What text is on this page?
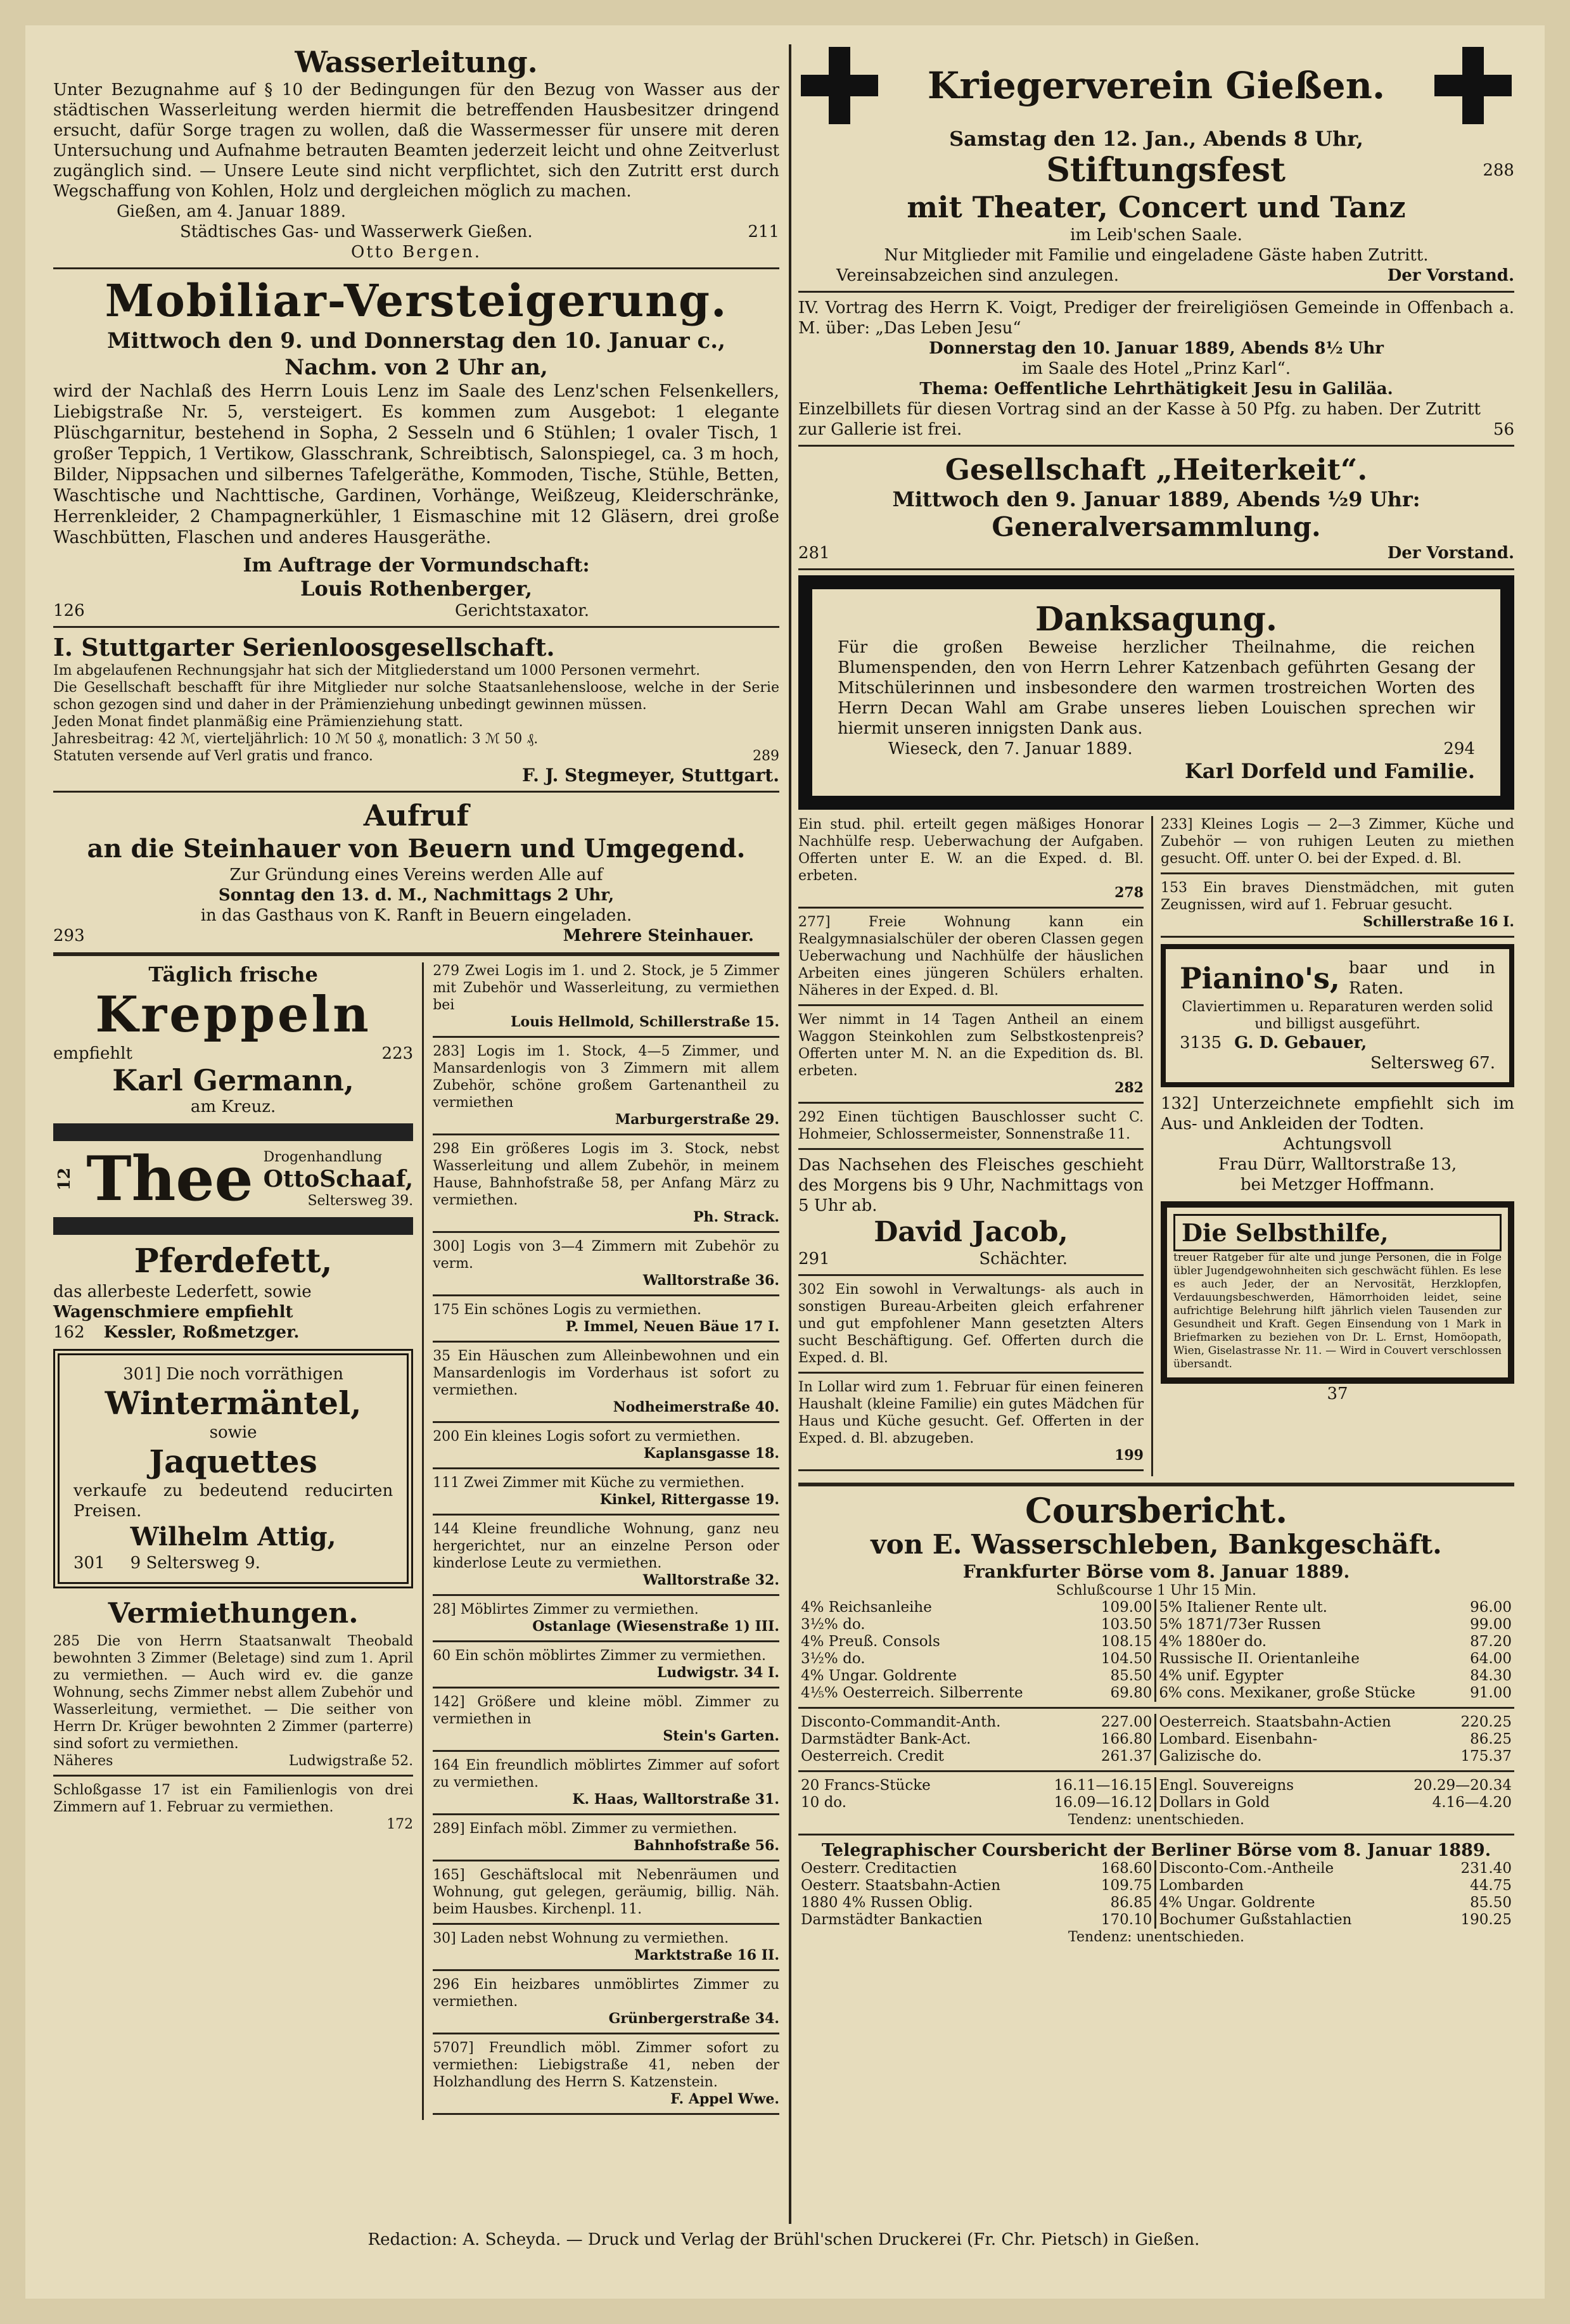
Wasserleitung.

Unter Bezugnahme auf § 10 der Bedingungen für den Bezug von Wasser aus der städtischen Wasserleitung werden hiermit die betreffenden Hausbesitzer dringend ersucht, dafür Sorge tragen zu wollen, daß die Wassermesser für unsere mit deren Untersuchung und Aufnahme betrauten Beamten jederzeit leicht und ohne Zeitverlust zugänglich sind. — Unsere Leute sind nicht verpflichtet, sich den Zutritt erst durch Wegschaffung von Kohlen, Holz und dergleichen möglich zu machen.

Gießen, am 4. Januar 1889.

Städtisches Gas- und Wasserwerk Gießen.	211

Otto Bergen.

Mobiliar-Versteigerung.

Mittwoch den 9. und Donnerstag den 10. Januar c.,

Nachm. von 2 Uhr an,

wird der Nachlaß des Herrn Louis Lenz im Saale des Lenz'schen Felsenkellers, Liebigstraße Nr. 5, versteigert. Es kommen zum Ausgebot: 1 elegante Plüschgarnitur, bestehend in Sopha, 2 Sesseln und 6 Stühlen; 1 ovaler Tisch, 1 großer Teppich, 1 Vertikow, Glasschrank, Schreibtisch, Salonspiegel, ca. 3 m hoch, Bilder, Nippsachen und silbernes Tafelgeräthe, Kommoden, Tische, Stühle, Betten, Waschtische und Nachttische, Gardinen, Vorhänge, Weißzeug, Kleiderschränke, Herrenkleider, 2 Champagnerkühler, 1 Eismaschine mit 12 Gläsern, drei große Waschbütten, Flaschen und anderes Hausgeräthe.

Im Auftrage der Vormundschaft:

Louis Rothenberger,

126	Gerichtstaxator.
I. Stuttgarter Serienloosgesellschaft.

Im abgelaufenen Rechnungsjahr hat sich der Mitgliederstand um 1000 Personen vermehrt.

Die Gesellschaft beschafft für ihre Mitglieder nur solche Staatsanlehensloose, welche in der Serie schon gezogen sind und daher in der Prämienziehung unbedingt gewinnen müssen.

Jeden Monat findet planmäßig eine Prämienziehung statt.

Jahresbeitrag: 42 ℳ, vierteljährlich: 10 ℳ 50 ₰, monatlich: 3 ℳ 50 ₰.

Statuten versende auf Verl gratis und franco.	289

F. J. Stegmeyer, Stuttgart.

Aufruf
an die Steinhauer von Beuern und Umgegend.

Zur Gründung eines Vereins werden Alle auf

Sonntag den 13. d. M., Nachmittags 2 Uhr,

in das Gasthaus von K. Ranft in Beuern eingeladen.

293	Mehrere Steinhauer.

Täglich frische

Kreppeln
empfiehlt	223

Karl Germann,

am Kreuz.

12 Thee Drogenhandlung

OttoSchaaf,

Seltersweg 39.

Pferdefett,

das allerbeste Lederfett, sowie

Wagenschmiere empfiehlt

162 Kessler, Roßmetzger.

301] Die noch vorräthigen

Wintermäntel,

sowie

Jaquettes

verkaufe zu bedeutend reducirten Preisen.

Wilhelm Attig,

301 9 Seltersweg 9.
Vermiethungen.

285 Die von Herrn Staatsanwalt Theobald bewohnten 3 Zimmer (Beletage) sind zum 1. April zu vermiethen. — Auch wird ev. die ganze Wohnung, sechs Zimmer nebst allem Zubehör und Wasserleitung, vermiethet. — Die seither von Herrn Dr. Krüger bewohnten 2 Zimmer (parterre) sind sofort zu vermiethen.

Näheres	Ludwigstraße 52.

Schloßgasse 17 ist ein Familienlogis von drei Zimmern auf 1. Februar zu vermiethen.

172

279 Zwei Logis im 1. und 2. Stock, je 5 Zimmer mit Zubehör und Wasserleitung, zu vermiethen bei

Louis Hellmold, Schillerstraße 15.

283] Logis im 1. Stock, 4—5 Zimmer, und Mansardenlogis von 3 Zimmern mit allem Zubehör, schöne großem Gartenantheil zu vermiethen

Marburgerstraße 29.

298 Ein größeres Logis im 3. Stock, nebst Wasserleitung und allem Zubehör, in meinem Hause, Bahnhofstraße 58, per Anfang März zu vermiethen.

Ph. Strack.

300] Logis von 3—4 Zimmern mit Zubehör zu verm.

Walltorstraße 36.

175 Ein schönes Logis zu vermiethen.

P. Immel, Neuen Bäue 17 I.

35 Ein Häuschen zum Alleinbewohnen und ein Mansardenlogis im Vorderhaus ist sofort zu vermiethen.

Nodheimerstraße 40.

200 Ein kleines Logis sofort zu vermiethen.

Kaplansgasse 18.

111 Zwei Zimmer mit Küche zu vermiethen.

Kinkel, Rittergasse 19.

144 Kleine freundliche Wohnung, ganz neu hergerichtet, nur an einzelne Person oder kinderlose Leute zu vermiethen.

Walltorstraße 32.

28] Möblirtes Zimmer zu vermiethen.

Ostanlage (Wiesenstraße 1) III.

60 Ein schön möblirtes Zimmer zu vermiethen.

Ludwigstr. 34 I.

142] Größere und kleine möbl. Zimmer zu vermiethen in

Stein's Garten.

164 Ein freundlich möblirtes Zimmer auf sofort zu vermiethen.

K. Haas, Walltorstraße 31.

289] Einfach möbl. Zimmer zu vermiethen.

Bahnhofstraße 56.

165] Geschäftslocal mit Nebenräumen und Wohnung, gut gelegen, geräumig, billig. Näh. beim Hausbes. Kirchenpl. 11.

30] Laden nebst Wohnung zu vermiethen.

Marktstraße 16 II.

296 Ein heizbares unmöblirtes Zimmer zu vermiethen.

Grünbergerstraße 34.

5707] Freundlich möbl. Zimmer sofort zu vermiethen: Liebigstraße 41, neben der Holzhandlung des Herrn S. Katzenstein.

F. Appel Wwe.

Kriegerverein Gießen.

Samstag den 12. Jan., Abends 8 Uhr,

Stiftungsfest	288

mit Theater, Concert und Tanz

im Leib'schen Saale.

Nur Mitglieder mit Familie und eingeladene Gäste haben Zutritt.

Vereinsabzeichen sind anzulegen.	Der Vorstand.

IV. Vortrag des Herrn K. Voigt, Prediger der freireligiösen Gemeinde in Offenbach a. M. über: „Das Leben Jesu“

Donnerstag den 10. Januar 1889, Abends 8½ Uhr

im Saale des Hotel „Prinz Karl“.

Thema: Oeffentliche Lehrthätigkeit Jesu in Galiläa.

Einzelbillets für diesen Vortrag sind an der Kasse à 50 Pfg. zu haben. Der Zutritt zur Gallerie ist frei.	56
Gesellschaft „Heiterkeit“.

Mittwoch den 9. Januar 1889, Abends ½9 Uhr:

Generalversammlung.

281	Der Vorstand.
Danksagung.

Für die großen Beweise herzlicher Theilnahme, die reichen Blumenspenden, den von Herrn Lehrer Katzenbach geführten Gesang der Mitschülerinnen und insbesondere den warmen trostreichen Worten des Herrn Decan Wahl am Grabe unseres lieben Louischen sprechen wir hiermit unseren innigsten Dank aus.

Wieseck, den 7. Januar 1889.	294

Karl Dorfeld und Familie.

Ein stud. phil. erteilt gegen mäßiges Honorar Nachhülfe resp. Ueberwachung der Aufgaben. Offerten unter E. W. an die Exped. d. Bl. erbeten.

278

277] Freie Wohnung kann ein Realgymnasialschüler der oberen Classen gegen Ueberwachung und Nachhülfe der häuslichen Arbeiten eines jüngeren Schülers erhalten. Näheres in der Exped. d. Bl.

Wer nimmt in 14 Tagen Antheil an einem Waggon Steinkohlen zum Selbstkostenpreis? Offerten unter M. N. an die Expedition ds. Bl. erbeten.

282

292 Einen tüchtigen Bauschlosser sucht C. Hohmeier, Schlossermeister, Sonnenstraße 11.

Das Nachsehen des Fleisches geschieht des Morgens bis 9 Uhr, Nachmittags von 5 Uhr ab.

David Jacob,

291	Schächter.

302 Ein sowohl in Verwaltungs- als auch in sonstigen Bureau-Arbeiten gleich erfahrener und gut empfohlener Mann gesetzten Alters sucht Beschäftigung. Gef. Offerten durch die Exped. d. Bl.

In Lollar wird zum 1. Februar für einen feineren Haushalt (kleine Familie) ein gutes Mädchen für Haus und Küche gesucht. Gef. Offerten in der Exped. d. Bl. abzugeben.

199

233] Kleines Logis — 2—3 Zimmer, Küche und Zubehör — von ruhigen Leuten zu miethen gesucht. Off. unter O. bei der Exped. d. Bl.

153 Ein braves Dienstmädchen, mit guten Zeugnissen, wird auf 1. Februar gesucht.

Schillerstraße 16 I.

Pianino's, baar und in Raten.

Claviertimmen u. Reparaturen werden solid und billigst ausgeführt.

3135 G. D. Gebauer,

Seltersweg 67.

132] Unterzeichnete empfiehlt sich im Aus- und Ankleiden der Todten.

Achtungsvoll

Frau Dürr, Walltorstraße 13,

bei Metzger Hoffmann.

Die Selbsthilfe,

treuer Ratgeber für alte und junge Personen, die in Folge übler Jugendgewohnheiten sich geschwächt fühlen. Es lese es auch Jeder, der an Nervosität, Herzklopfen, Verdauungsbeschwerden, Hämorrhoiden leidet, seine aufrichtige Belehrung hilft jährlich vielen Tausenden zur Gesundheit und Kraft. Gegen Einsendung von 1 Mark in Briefmarken zu beziehen von Dr. L. Ernst, Homöopath, Wien, Giselastrasse Nr. 11. — Wird in Couvert verschlossen übersandt.

37

Coursbericht.
von E. Wasserschleben, Bankgeschäft.

Frankfurter Börse vom 8. Januar 1889.

Schlußcourse 1 Uhr 15 Min.

4% Reichsanleihe	109.00
3½% do.	103.50
4% Preuß. Consols	108.15
3½% do.	104.50
4% Ungar. Goldrente	85.50
4⅕% Oesterreich. Silberrente	69.80
5% Italiener Rente ult.	96.00
5% 1871/73er Russen	99.00
4% 1880er do.	87.20
Russische II. Orientanleihe	64.00
4% unif. Egypter	84.30
6% cons. Mexikaner, große Stücke	91.00
Disconto-Commandit-Anth.	227.00
Darmstädter Bank-Act.	166.80
Oesterreich. Credit	261.37
Oesterreich. Staatsbahn-Actien	220.25
Lombard. Eisenbahn-	86.25
Galizische do.	175.37
20 Francs-Stücke	16.11—16.15
10 do.	16.09—16.12
Engl. Souvereigns	20.29—20.34
Dollars in Gold	4.16—4.20

Tendenz: unentschieden.

Telegraphischer Coursbericht der Berliner Börse vom 8. Januar 1889.

Oesterr. Creditactien	168.60
Oesterr. Staatsbahn-Actien	109.75
1880 4% Russen Oblig.	86.85
Darmstädter Bankactien	170.10
Disconto-Com.-Antheile	231.40
Lombarden	44.75
4% Ungar. Goldrente	85.50
Bochumer Gußstahlactien	190.25

Tendenz: unentschieden.

Redaction: A. Scheyda. — Druck und Verlag der Brühl'schen Druckerei (Fr. Chr. Pietsch) in Gießen.
